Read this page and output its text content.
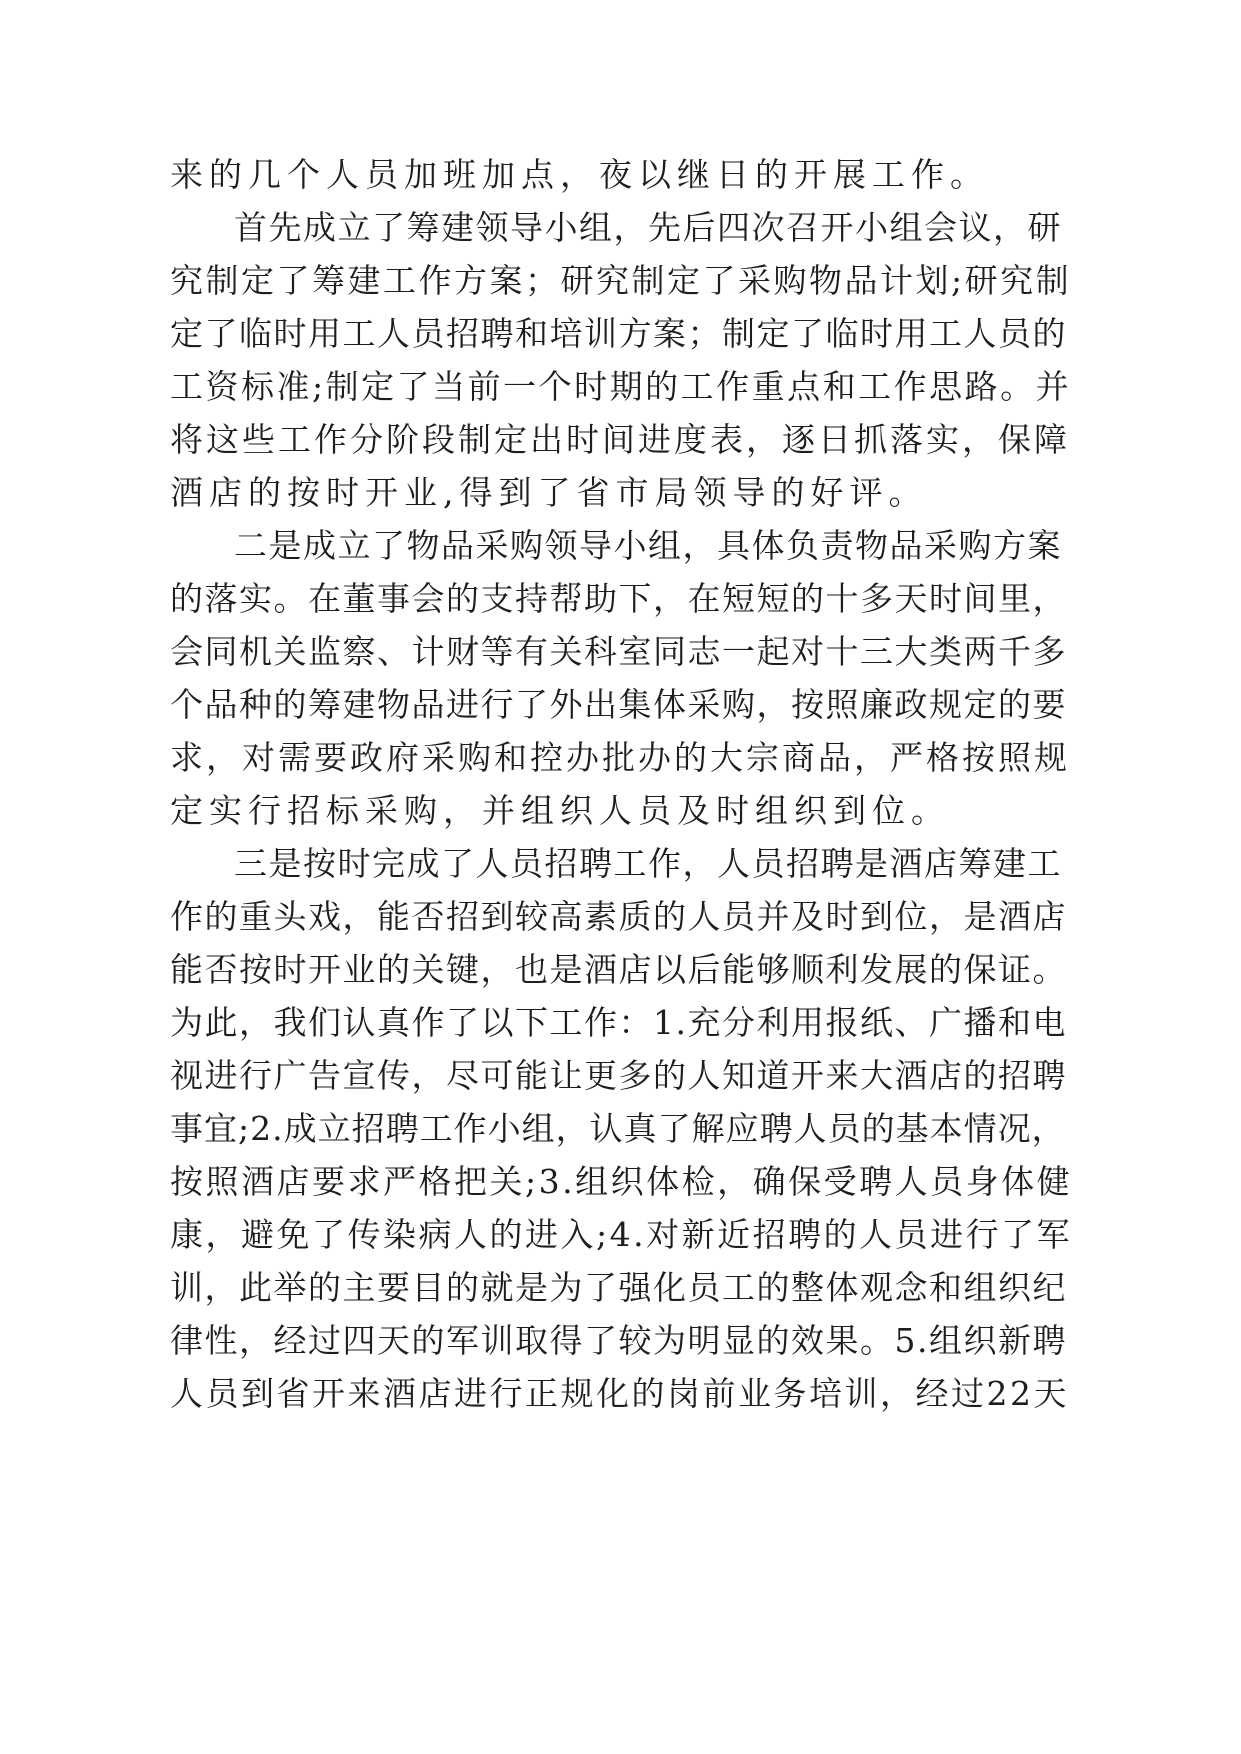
来的几个人员加班加点，夜以继日的开展工作。
首先成立了筹建领导小组，先后四次召开小组会议，研
究制定了筹建工作方案；研究制定了采购物品计划;研究制
定了临时用工人员招聘和培训方案；制定了临时用工人员的
工资标准;制定了当前一个时期的工作重点和工作思路。并
将这些工作分阶段制定出时间进度表，逐日抓落实，保障
酒店的按时开业,得到了省市局领导的好评。
二是成立了物品采购领导小组，具体负责物品采购方案
的落实。在董事会的支持帮助下，在短短的十多天时间里，
会同机关监察、计财等有关科室同志一起对十三大类两千多
个品种的筹建物品进行了外出集体采购，按照廉政规定的要
求，对需要政府采购和控办批办的大宗商品，严格按照规
定实行招标采购，并组织人员及时组织到位。
三是按时完成了人员招聘工作，人员招聘是酒店筹建工
作的重头戏，能否招到较高素质的人员并及时到位，是酒店
能否按时开业的关键，也是酒店以后能够顺利发展的保证。
为此，我们认真作了以下工作：1.充分利用报纸、广播和电
视进行广告宣传，尽可能让更多的人知道开来大酒店的招聘
事宜;2.成立招聘工作小组，认真了解应聘人员的基本情况，
按照酒店要求严格把关;3.组织体检，确保受聘人员身体健
康，避免了传染病人的进入;4.对新近招聘的人员进行了军
训，此举的主要目的就是为了强化员工的整体观念和组织纪
律性，经过四天的军训取得了较为明显的效果。5.组织新聘
人员到省开来酒店进行正规化的岗前业务培训，经过22天
